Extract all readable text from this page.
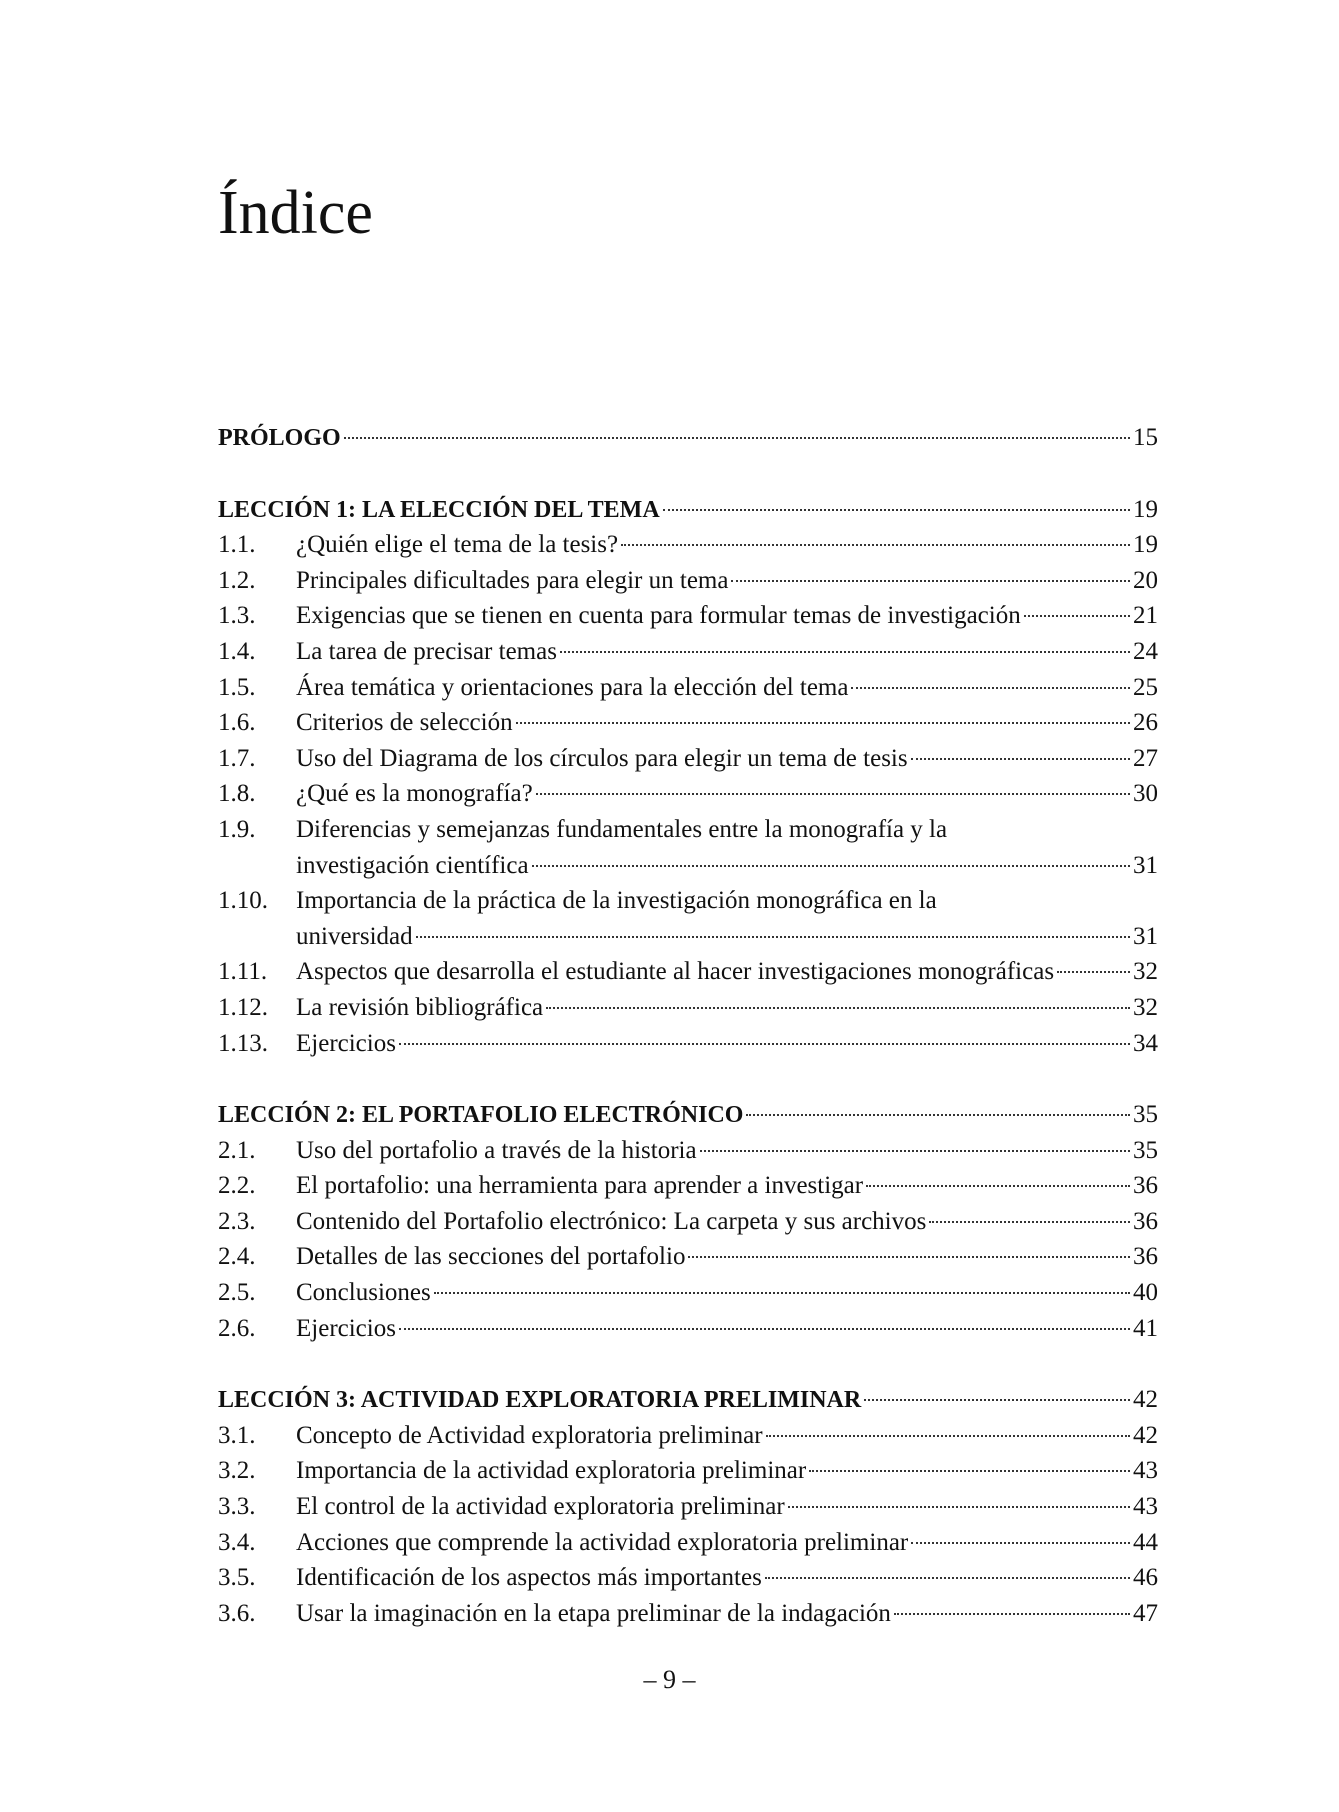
Índice
PRÓLOGO	15
LECCIÓN 1: LA ELECCIÓN DEL TEMA	19
1.1.	¿Quién elige el tema de la tesis?	19
1.2.	Principales dificultades para elegir un tema	20
1.3.	Exigencias que se tienen en cuenta para formular temas de investigación	21
1.4.	La tarea de precisar temas	24
1.5.	Área temática y orientaciones para la elección del tema	25
1.6.	Criterios de selección	26
1.7.	Uso del Diagrama de los círculos para elegir un tema de tesis	27
1.8.	¿Qué es la monografía?	30
1.9.	Diferencias y semejanzas fundamentales entre la monografía y la
investigación científica	31
1.10.	Importancia de la práctica de la investigación monográfica en la
universidad	31
1.11.	Aspectos que desarrolla el estudiante al hacer investigaciones monográficas	32
1.12.	La revisión bibliográfica	32
1.13.	Ejercicios	34
LECCIÓN 2: EL PORTAFOLIO ELECTRÓNICO	35
2.1.	Uso del portafolio a través de la historia	35
2.2.	El portafolio: una herramienta para aprender a investigar	36
2.3.	Contenido del Portafolio electrónico: La carpeta y sus archivos	36
2.4.	Detalles de las secciones del portafolio	36
2.5.	Conclusiones	40
2.6.	Ejercicios	41
LECCIÓN 3: ACTIVIDAD EXPLORATORIA PRELIMINAR	42
3.1.	Concepto de Actividad exploratoria preliminar	42
3.2.	Importancia de la actividad exploratoria preliminar	43
3.3.	El control de la actividad exploratoria preliminar	43
3.4.	Acciones que comprende la actividad exploratoria preliminar	44
3.5.	Identificación de los aspectos más importantes	46
3.6.	Usar la imaginación en la etapa preliminar de la indagación	47
– 9 –
